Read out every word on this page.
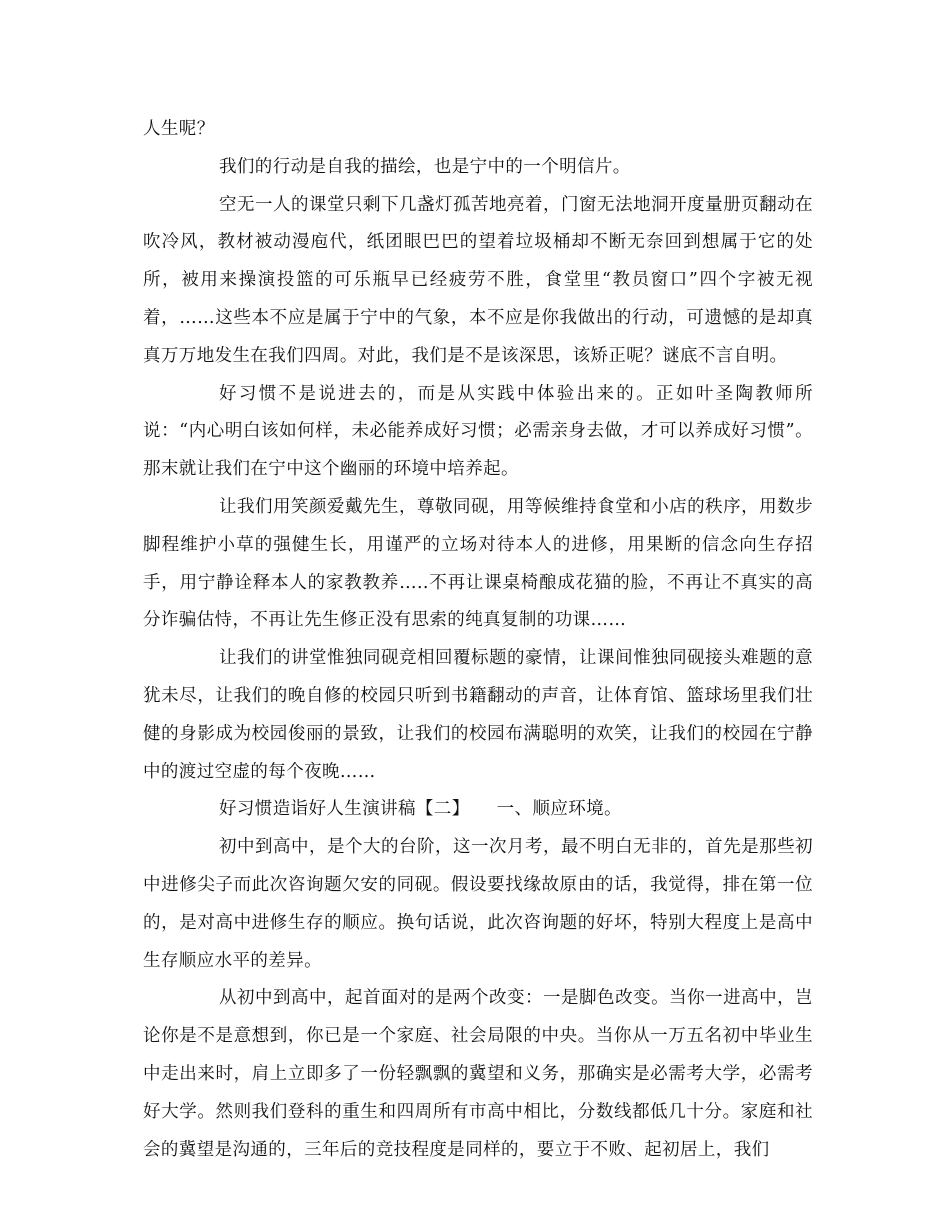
人生呢？

我们的行动是自我的描绘，也是宁中的一个明信片。

空无一人的课堂只剩下几盏灯孤苦地亮着，门窗无法地洞开度量册页翻动在吹冷风，教材被动漫庖代，纸团眼巴巴的望着垃圾桶却不断无奈回到想属于它的处所，被用来操演投篮的可乐瓶早已经疲劳不胜，食堂里“教员窗口”四个字被无视着，……这些本不应是属于宁中的气象，本不应是你我做出的行动，可遗憾的是却真真万万地发生在我们四周。对此，我们是不是该深思，该矫正呢？谜底不言自明。

好习惯不是说进去的，而是从实践中体验出来的。正如叶圣陶教师所说：“内心明白该如何样，未必能养成好习惯；必需亲身去做，才可以养成好习惯”。那末就让我们在宁中这个幽丽的环境中培养起。

让我们用笑颜爱戴先生，尊敬同砚，用等候维持食堂和小店的秩序，用数步脚程维护小草的强健生长，用谨严的立场对待本人的进修，用果断的信念向生存招手，用宁静诠释本人的家教教养…..不再让课桌椅酿成花猫的脸，不再让不真实的高分诈骗估恃，不再让先生修正没有思索的纯真复制的功课……

让我们的讲堂惟独同砚竞相回覆标题的豪情，让课间惟独同砚接头难题的意犹未尽，让我们的晚自修的校园只听到书籍翻动的声音，让体育馆、篮球场里我们壮健的身影成为校园俊丽的景致，让我们的校园布满聪明的欢笑，让我们的校园在宁静中的渡过空虚的每个夜晚……

好习惯造诣好人生演讲稿【二】　　一、顺应环境。

初中到高中，是个大的台阶，这一次月考，最不明白无非的，首先是那些初中进修尖子而此次咨询题欠安的同砚。假设要找缘故原由的话，我觉得，排在第一位的，是对高中进修生存的顺应。换句话说，此次咨询题的好坏，特别大程度上是高中生存顺应水平的差异。

从初中到高中，起首面对的是两个改变：一是脚色改变。当你一进高中，岂论你是不是意想到，你已是一个家庭、社会局限的中央。当你从一万五名初中毕业生中走出来时，肩上立即多了一份轻飘飘的冀望和义务，那确实是必需考大学，必需考好大学。然则我们登科的重生和四周所有市高中相比，分数线都低几十分。家庭和社会的冀望是沟通的，三年后的竞技程度是同样的，要立于不败、起初居上，我们
